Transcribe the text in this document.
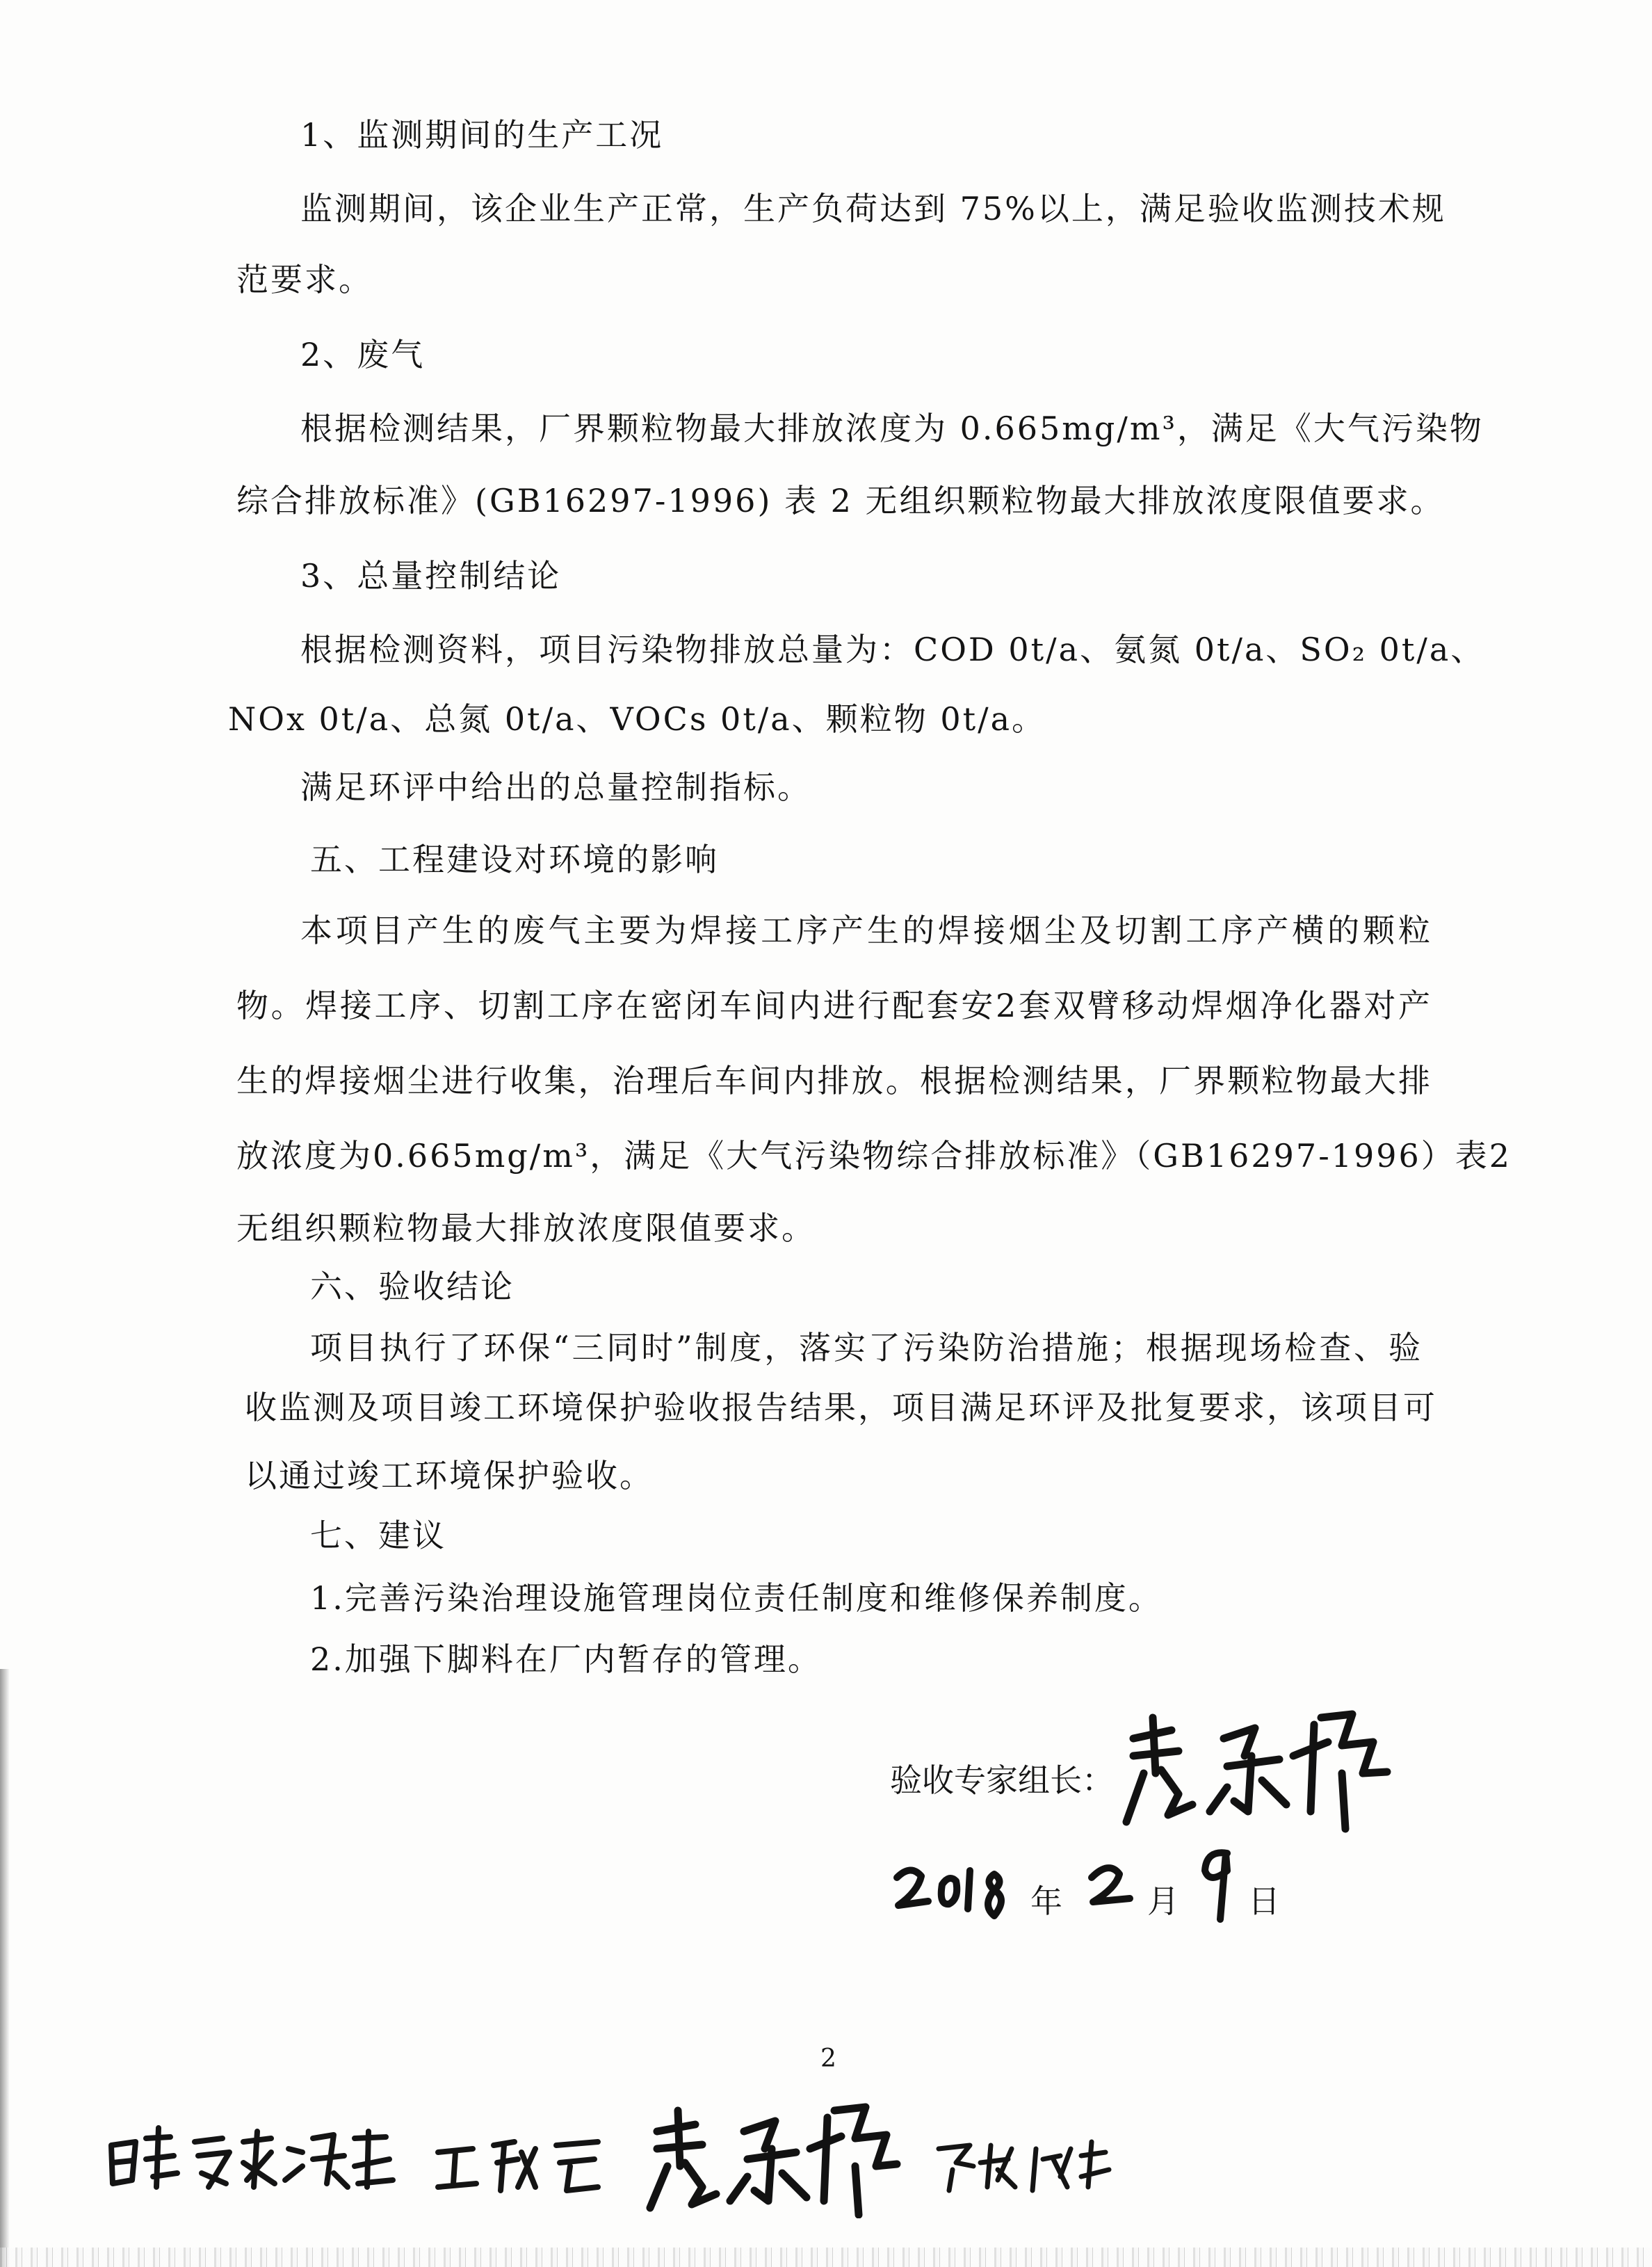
1、监测期间的生产工况
监测期间，该企业生产正常，生产负荷达到 75%以上，满足验收监测技术规
范要求。
2、废气
根据检测结果，厂界颗粒物最大排放浓度为 0.665mg/m³，满足《大气污染物
综合排放标准》(GB16297-1996) 表 2 无组织颗粒物最大排放浓度限值要求。
3、总量控制结论
根据检测资料，项目污染物排放总量为：COD 0t/a、氨氮 0t/a、SO₂ 0t/a、
NOx 0t/a、总氮 0t/a、VOCs 0t/a、颗粒物 0t/a。
满足环评中给出的总量控制指标。
五、工程建设对环境的影响
本项目产生的废气主要为焊接工序产生的焊接烟尘及切割工序产横的颗粒
物。焊接工序、切割工序在密闭车间内进行配套安2套双臂移动焊烟净化器对产
生的焊接烟尘进行收集，治理后车间内排放。根据检测结果，厂界颗粒物最大排
放浓度为0.665mg/m³，满足《大气污染物综合排放标准》（GB16297-1996）表2
无组织颗粒物最大排放浓度限值要求。
六、验收结论
项目执行了环保“三同时”制度，落实了污染防治措施；根据现场检查、验
收监测及项目竣工环境保护验收报告结果，项目满足环评及批复要求，该项目可
以通过竣工环境保护验收。
七、建议
1.完善污染治理设施管理岗位责任制度和维修保养制度。
2.加强下脚料在厂内暂存的管理。
验收专家组长：
年	月 日
2
